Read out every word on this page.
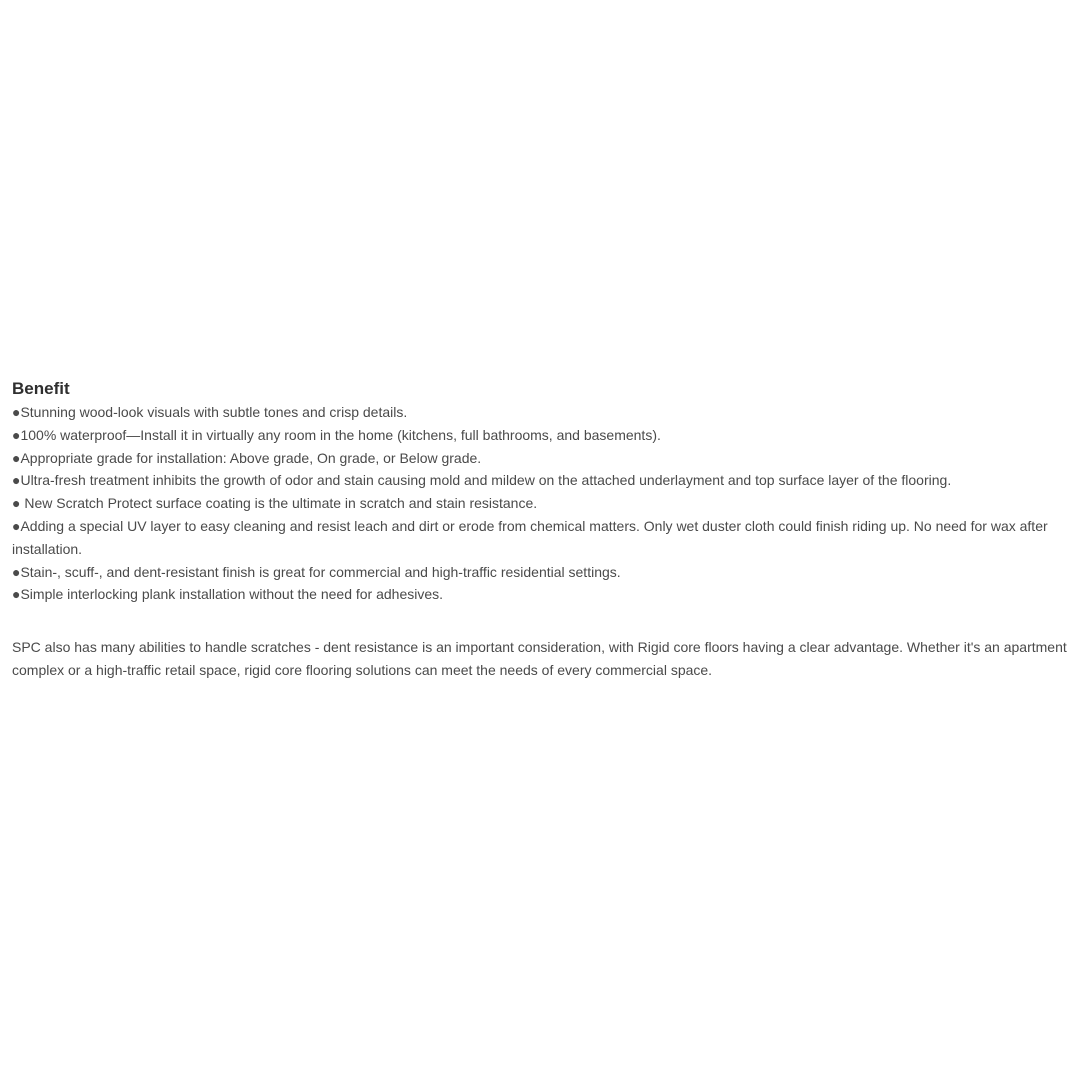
Benefit
●Stunning wood-look visuals with subtle tones and crisp details.
●100% waterproof—Install it in virtually any room in the home (kitchens, full bathrooms, and basements).
●Appropriate grade for installation: Above grade, On grade, or Below grade.
●Ultra-fresh treatment inhibits the growth of odor and stain causing mold and mildew on the attached underlayment and top surface layer of the flooring.
● New Scratch Protect surface coating is the ultimate in scratch and stain resistance.
●Adding a special UV layer to easy cleaning and resist leach and dirt or erode from chemical matters. Only wet duster cloth could finish riding up. No need for wax after installation.
●Stain-, scuff-, and dent-resistant finish is great for commercial and high-traffic residential settings.
●Simple interlocking plank installation without the need for adhesives.

SPC also has many abilities to handle scratches - dent resistance is an important consideration, with Rigid core floors having a clear advantage. Whether it's an apartment complex or a high-traffic retail space, rigid core flooring solutions can meet the needs of every commercial space.
